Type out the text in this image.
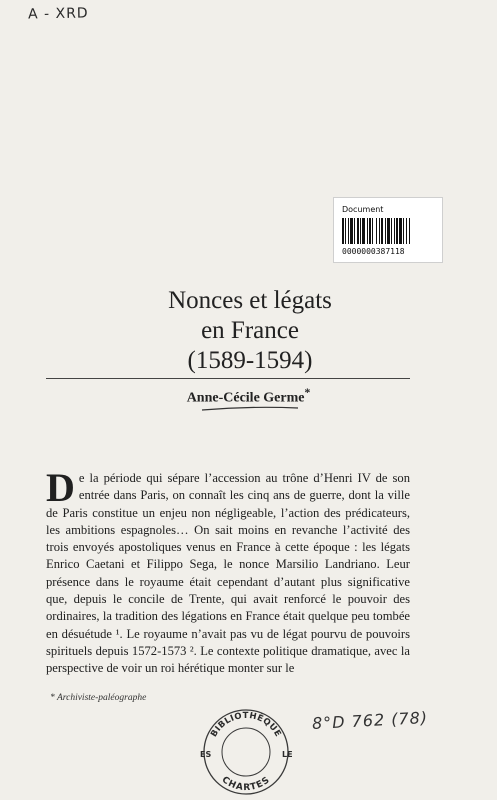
A - XRD
Document
0000000387118
Nonces et légats
en France
(1589-1594)
Anne-Cécile Germe*
De la période qui sépare l’accession au trône d’Henri IV de son entrée dans Paris, on connaît les cinq ans de guerre, dont la ville de Paris constitue un enjeu non négligeable, l’action des prédicateurs, les ambitions espagnoles… On sait moins en revanche l’activité des trois envoyés apostoliques venus en France à cette époque : les légats Enrico Caetani et Filippo Sega, le nonce Marsilio Landriano. Leur présence dans le royaume était cependant d’autant plus significative que, depuis le concile de Trente, qui avait renforcé le pouvoir des ordinaires, la tradition des légations en France était quelque peu tombée en désuétude ¹. Le royaume n’avait pas vu de légat pourvu de pouvoirs spirituels depuis 1572-1573 ². Le contexte politique dramatique, avec la perspective de voir un roi hérétique monter sur le
* Archiviste-paléographe
8°D 762 (78)
BIBLIOTHÈQUE
CHARTES
ES	LE
